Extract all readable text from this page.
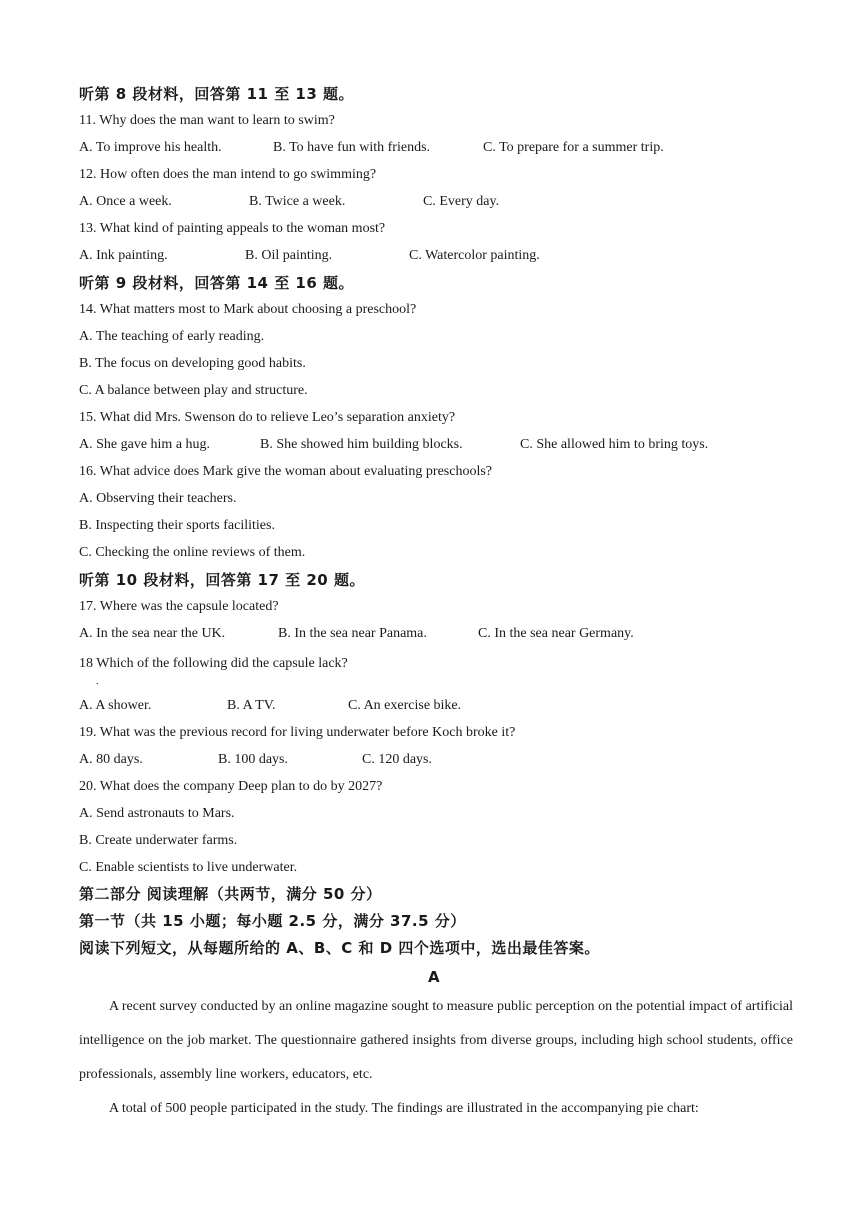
听第 8 段材料，回答第 11 至 13 题。
11. Why does the man want to learn to swim?
A. To improve his health.	B. To have fun with friends.	C. To prepare for a summer trip.
12. How often does the man intend to go swimming?
A. Once a week.	B. Twice a week.	C. Every day.
13. What kind of painting appeals to the woman most?
A. Ink painting.	B. Oil painting.	C. Watercolor painting.
听第 9 段材料，回答第 14 至 16 题。
14. What matters most to Mark about choosing a preschool?
A. The teaching of early reading.
B. The focus on developing good habits.
C. A balance between play and structure.
15. What did Mrs. Swenson do to relieve Leo’s separation anxiety?
A. She gave him a hug.	B. She showed him building blocks.	C. She allowed him to bring toys.
16. What advice does Mark give the woman about evaluating preschools?
A. Observing their teachers.
B. Inspecting their sports facilities.
C. Checking the online reviews of them.
听第 10 段材料，回答第 17 至 20 题。
17. Where was the capsule located?
A. In the sea near the UK.	B. In the sea near Panama.	C. In the sea near Germany.
18 Which of the following did the capsule lack?
.
A. A shower.	B. A TV.	C. An exercise bike.
19. What was the previous record for living underwater before Koch broke it?
A. 80 days.	B. 100 days.	C. 120 days.
20. What does the company Deep plan to do by 2027?
A. Send astronauts to Mars.
B. Create underwater farms.
C. Enable scientists to live underwater.
第二部分 阅读理解（共两节，满分 50 分）
第一节（共 15 小题；每小题 2.5 分，满分 37.5 分）
阅读下列短文，从每题所给的 A、B、C 和 D 四个选项中，选出最佳答案。
A

A recent survey conducted by an online magazine sought to measure public perception on the potential impact of artificial intelligence on the job market. The questionnaire gathered insights from diverse groups, including high school students, office professionals, assembly line workers, educators, etc.

A total of 500 people participated in the study. The findings are illustrated in the accompanying pie chart:
